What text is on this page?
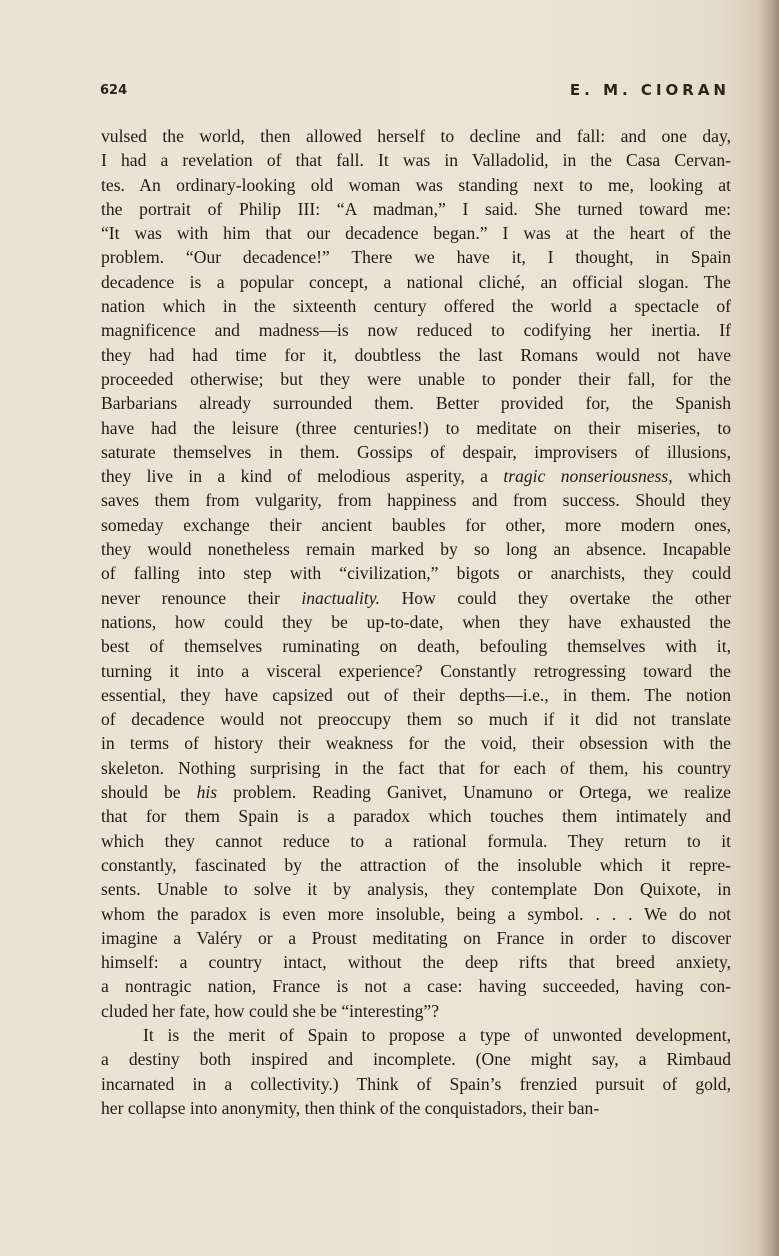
624	E. M. CIORAN
vulsed the world, then allowed herself to decline and fall: and one day,
I had a revelation of that fall. It was in Valladolid, in the Casa Cervan-
tes. An ordinary-looking old woman was standing next to me, looking at
the portrait of Philip III: “A madman,” I said. She turned toward me:
“It was with him that our decadence began.” I was at the heart of the
problem. “Our decadence!” There we have it, I thought, in Spain
decadence is a popular concept, a national cliché, an official slogan. The
nation which in the sixteenth century offered the world a spectacle of
magnificence and madness—is now reduced to codifying her inertia. If
they had had time for it, doubtless the last Romans would not have
proceeded otherwise; but they were unable to ponder their fall, for the
Barbarians already surrounded them. Better provided for, the Spanish
have had the leisure (three centuries!) to meditate on their miseries, to
saturate themselves in them. Gossips of despair, improvisers of illusions,
they live in a kind of melodious asperity, a tragic nonseriousness, which
saves them from vulgarity, from happiness and from success. Should they
someday exchange their ancient baubles for other, more modern ones,
they would nonetheless remain marked by so long an absence. Incapable
of falling into step with “civilization,” bigots or anarchists, they could
never renounce their inactuality. How could they overtake the other
nations, how could they be up-to-date, when they have exhausted the
best of themselves ruminating on death, befouling themselves with it,
turning it into a visceral experience? Constantly retrogressing toward the
essential, they have capsized out of their depths—i.e., in them. The notion
of decadence would not preoccupy them so much if it did not translate
in terms of history their weakness for the void, their obsession with the
skeleton. Nothing surprising in the fact that for each of them, his country
should be his problem. Reading Ganivet, Unamuno or Ortega, we realize
that for them Spain is a paradox which touches them intimately and
which they cannot reduce to a rational formula. They return to it
constantly, fascinated by the attraction of the insoluble which it repre-
sents. Unable to solve it by analysis, they contemplate Don Quixote, in
whom the paradox is even more insoluble, being a symbol. . . . We do not
imagine a Valéry or a Proust meditating on France in order to discover
himself: a country intact, without the deep rifts that breed anxiety,
a nontragic nation, France is not a case: having succeeded, having con-
cluded her fate, how could she be “interesting”?
It is the merit of Spain to propose a type of unwonted development,
a destiny both inspired and incomplete. (One might say, a Rimbaud
incarnated in a collectivity.) Think of Spain’s frenzied pursuit of gold,
her collapse into anonymity, then think of the conquistadors, their ban-
